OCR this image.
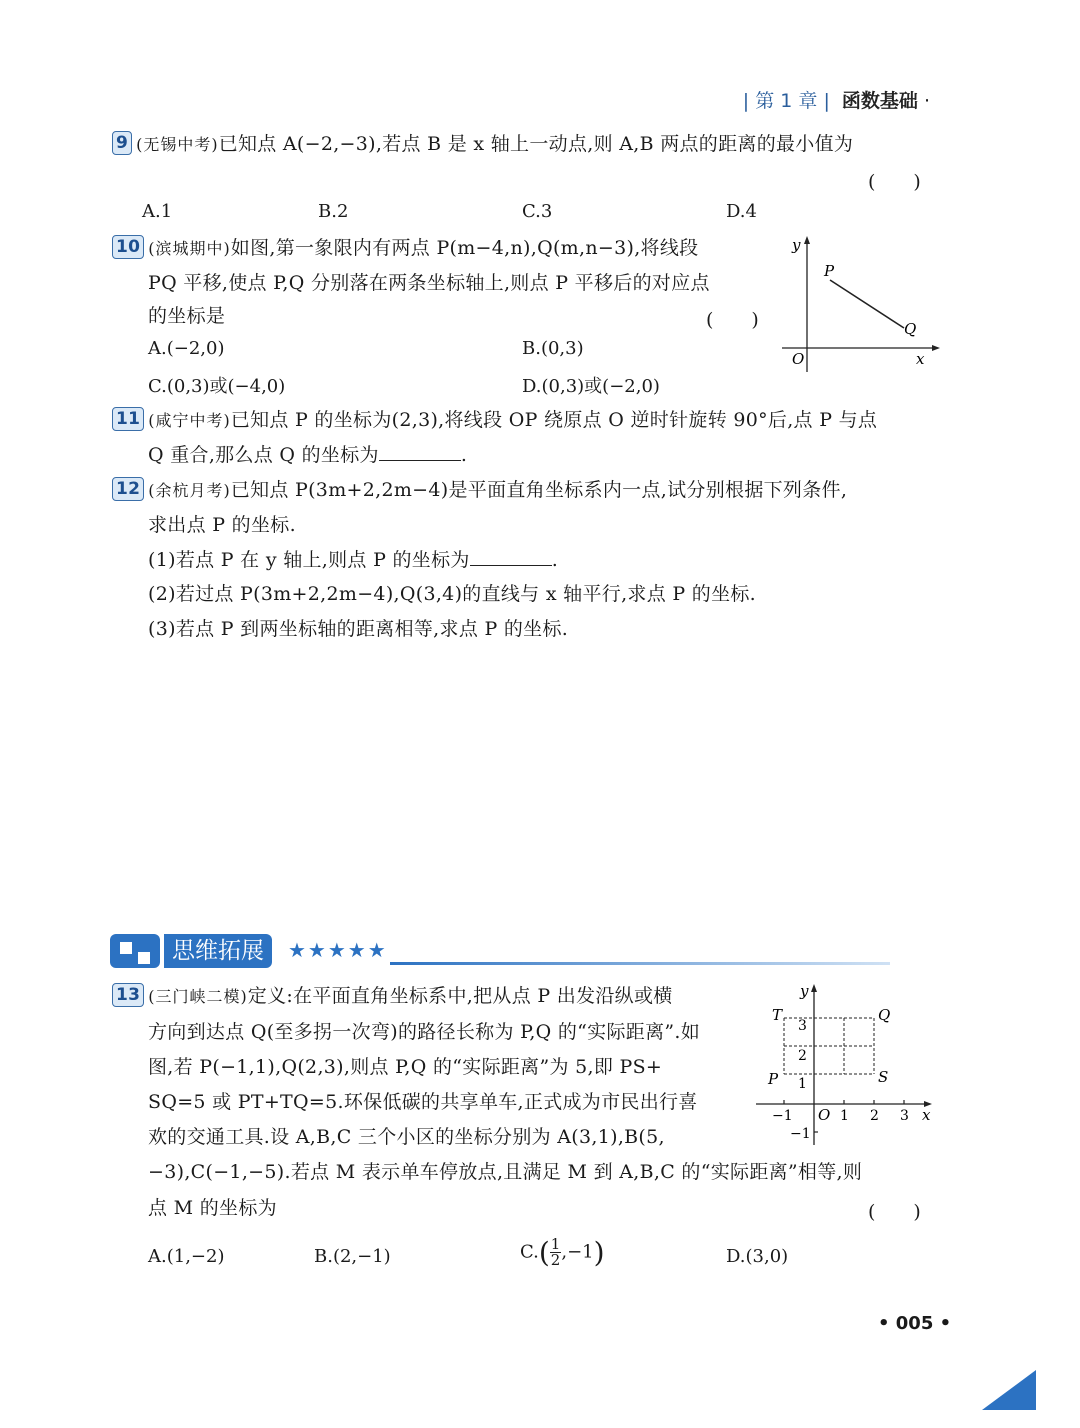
| 第 1 章 | 函数基础 ·
9 (无锡中考)已知点 A(−2,−3),若点 B 是 x 轴上一动点,则 A,B 两点的距离的最小值为
(　　)
A.1	B.2	C.3	D.4
10 (滨城期中)如图,第一象限内有两点 P(m−4,n),Q(m,n−3),将线段
PQ 平移,使点 P,Q 分别落在两条坐标轴上,则点 P 平移后的对应点
的坐标是	(　　)
A.(−2,0)	B.(0,3)
C.(0,3)或(−4,0)	D.(0,3)或(−2,0)
y
x
O
P
Q
11 (咸宁中考)已知点 P 的坐标为(2,3),将线段 OP 绕原点 O 逆时针旋转 90°后,点 P 与点
Q 重合,那么点 Q 的坐标为	.
12 (余杭月考)已知点 P(3m+2,2m−4)是平面直角坐标系内一点,试分别根据下列条件,
求出点 P 的坐标.
(1)若点 P 在 y 轴上,则点 P 的坐标为	.
(2)若过点 P(3m+2,2m−4),Q(3,4)的直线与 x 轴平行,求点 P 的坐标.
(3)若点 P 到两坐标轴的距离相等,求点 P 的坐标.
思维拓展	★★★★★
13 (三门峡二模)定义:在平面直角坐标系中,把从点 P 出发沿纵或横
方向到达点 Q(至多拐一次弯)的路径长称为 P,Q 的“实际距离”.如
图,若 P(−1,1),Q(2,3),则点 P,Q 的“实际距离”为 5,即 PS+
SQ=5 或 PT+TQ=5.环保低碳的共享单车,正式成为市民出行喜
欢的交通工具.设 A,B,C 三个小区的坐标分别为 A(3,1),B(5,
−3),C(−1,−5).若点 M 表示单车停放点,且满足 M 到 A,B,C 的“实际距离”相等,则
点 M 的坐标为	(　　)
A.(1,−2)	B.(2,−1)	$C.( \frac{1}{2} ,-1)$	D.(3,0)
y
x
O
T	Q
P	S
−1	1 2 3
3
2
1
−1
• 005 •
